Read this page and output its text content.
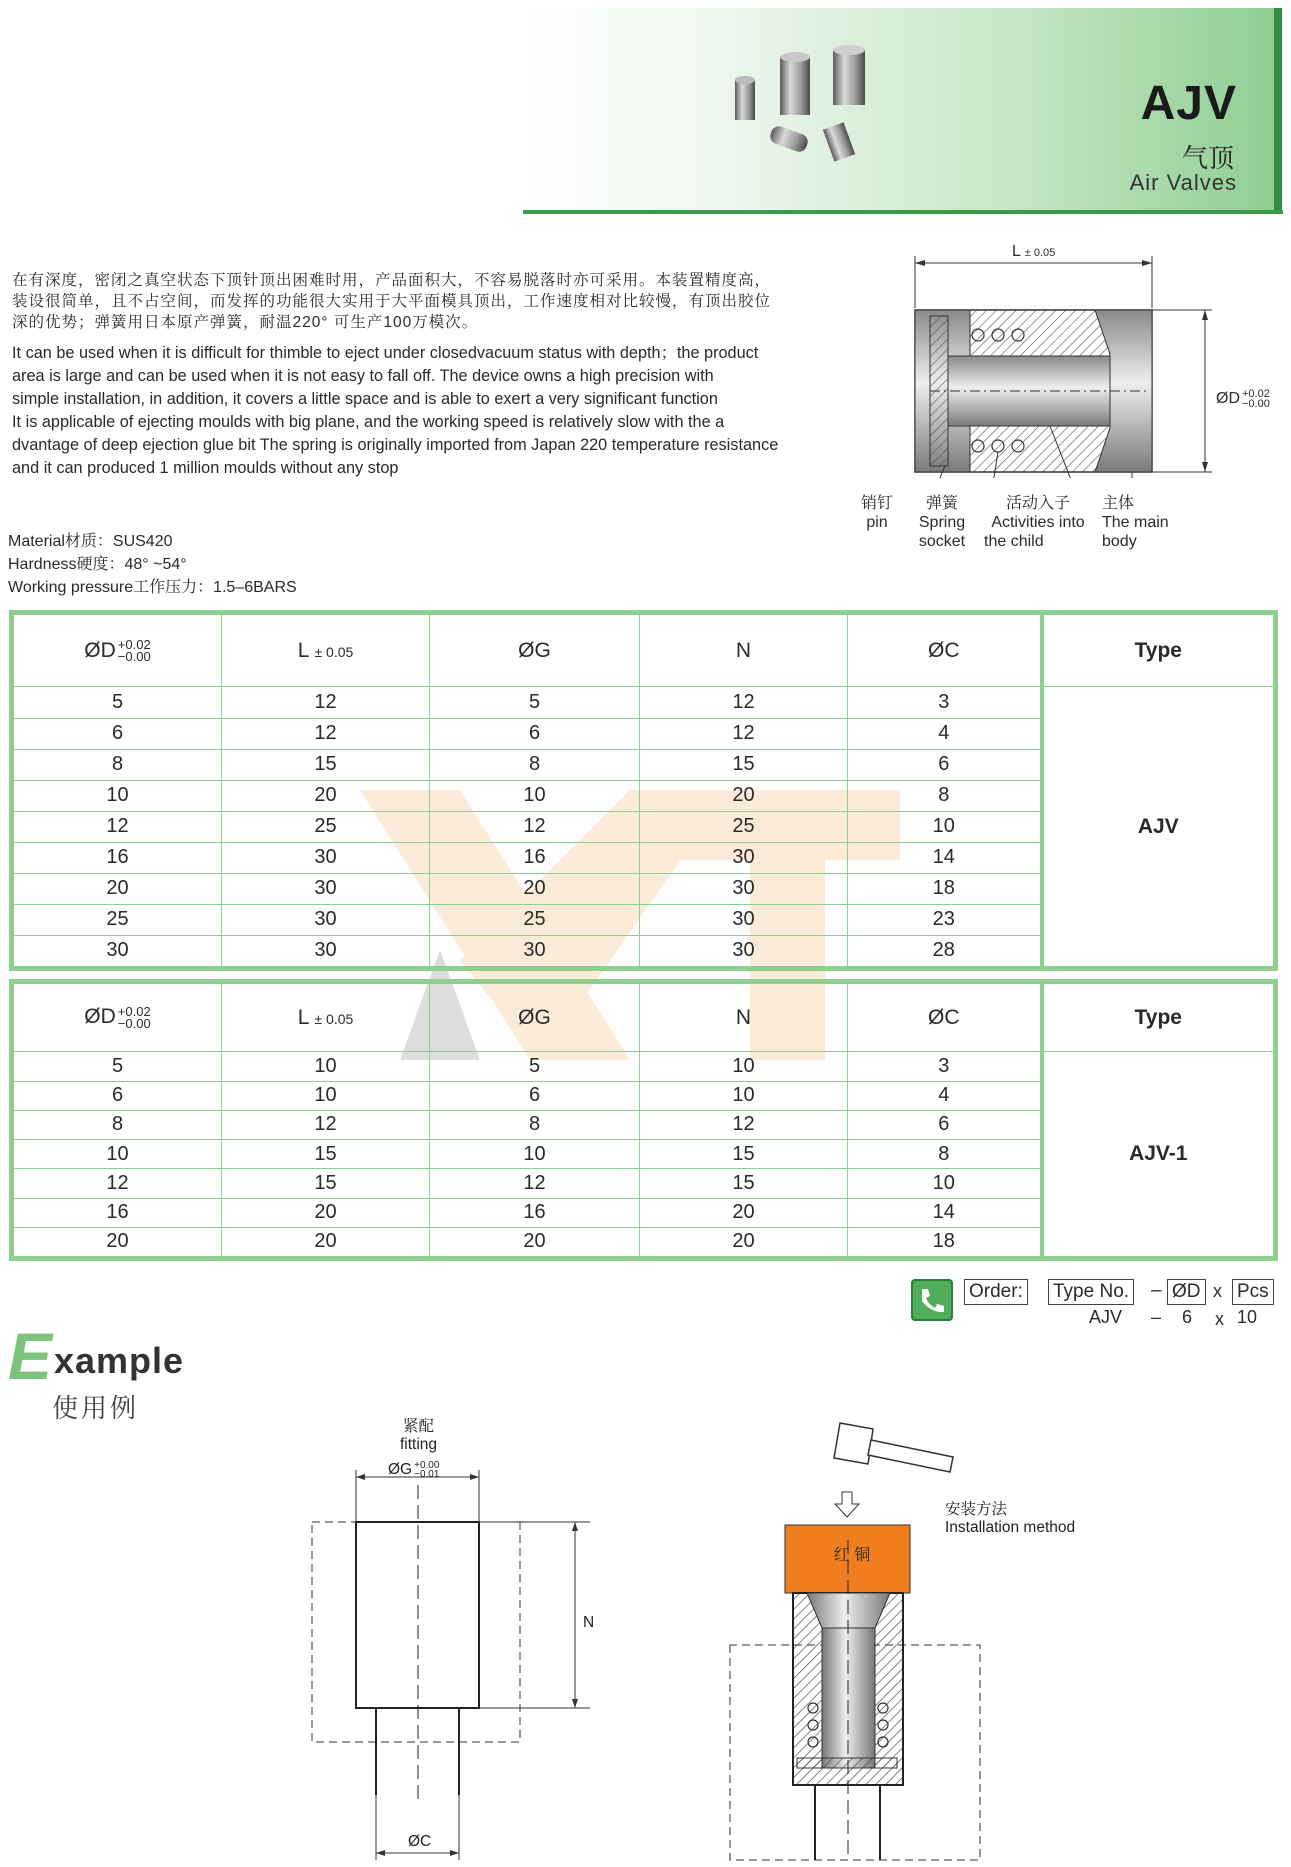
AJV
气顶
Air Valves
在有深度，密闭之真空状态下顶针顶出困难时用，产品面积大，不容易脱落时亦可采用。本装置精度高，
装设很简单，且不占空间，而发挥的功能很大实用于大平面模具顶出，工作速度相对比较慢，有顶出胶位
深的优势；弹簧用日本原产弹簧，耐温220° 可生产100万模次。
It can be used when it is difficult for thimble to eject under closedvacuum status with depth；the product
area is large and can be used when it is not easy to fall off. The device owns a high precision with
simple installation, in addition, it covers a little space and is able to exert a very significant function
It is applicable of ejecting moulds with big plane, and the working speed is relatively slow with the a
dvantage of deep ejection glue bit The spring is originally imported from Japan 220 temperature resistance
and it can produced 1 million moulds without any stop
Material材质：SUS420
Hardness硬度：48° ~54°
Working pressure工作压力：1.5–6BARS
L ± 0.05
ØD +0.02
−0.00
销钉
pin
弹簧
Spring
socket
活动入子
Activities into
the child
主体
The main
body
ØD +0.02
−0.00	L ± 0.05	ØG	N	ØC	Type
5	12	5	12	3	AJV
6	12	6	12	4	
8	15	8	15	6	
10	20	10	20	8	
12	25	12	25	10	
16	30	16	30	14	
20	30	20	30	18	
25	30	25	30	23	
30	30	30	30	28	
ØD +0.02
−0.00	L ± 0.05	ØG	N	ØC	Type
5	10	5	10	3	AJV-1
6	10	6	10	4	
8	12	8	12	6	
10	15	10	15	8	
12	15	12	15	10	
16	20	16	20	14	
20	20	20	20	18	
Order: Type No. – ØD x Pcs
AJV – 6 x 10
E xample
使用例
紧配
fitting
ØG +0.00
−0.01
N
ØC
红 铜
安装方法
Installation method
